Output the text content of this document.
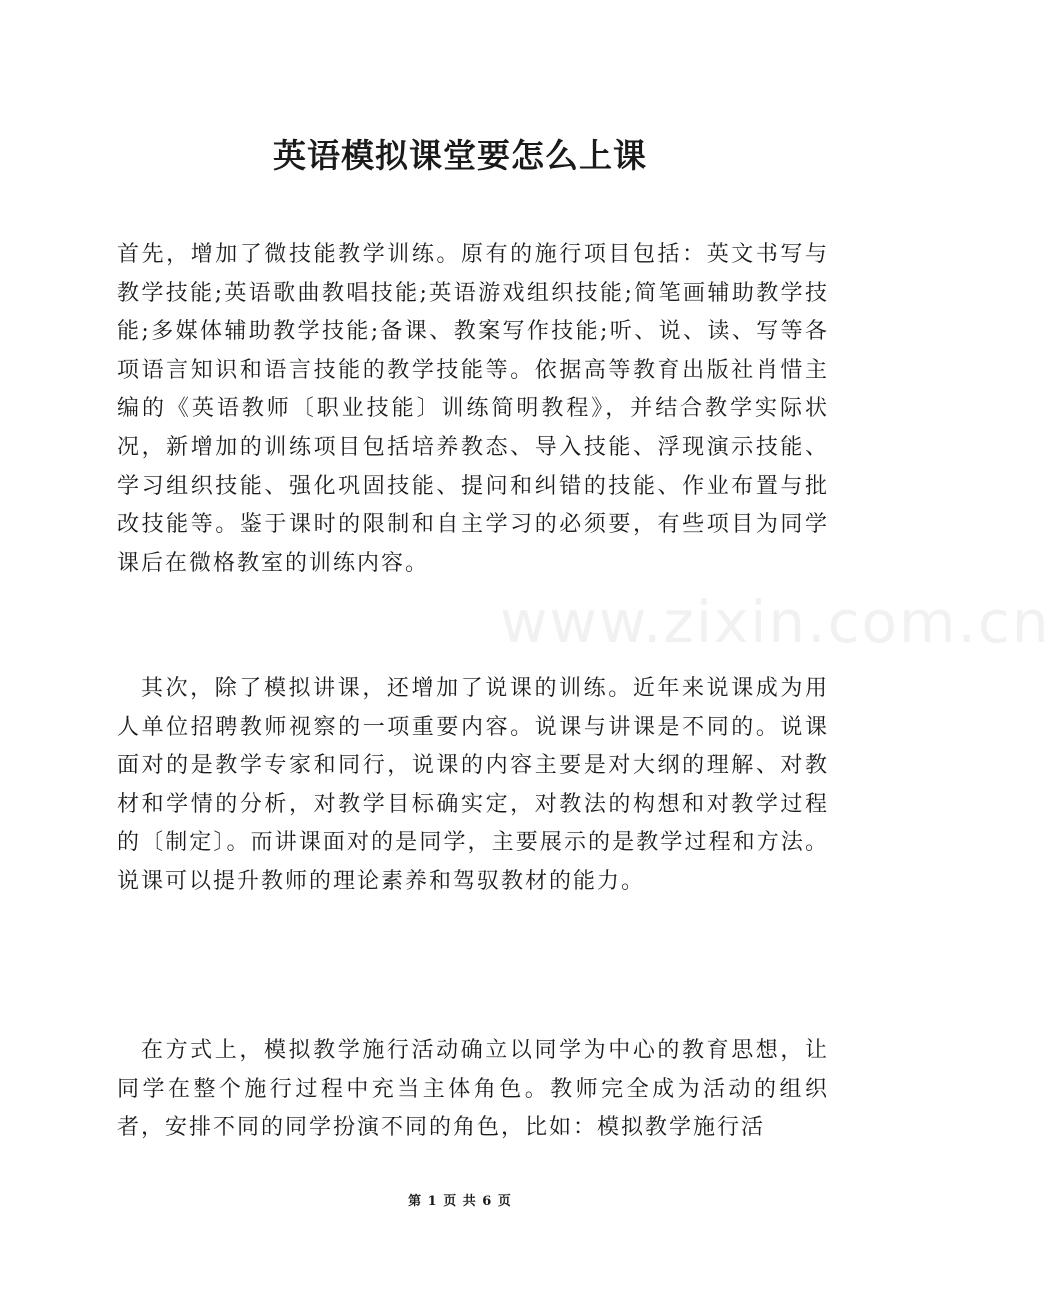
英语模拟课堂要怎么上课

首先，增加了微技能教学训练。原有的施行项目包括：英文书写与教学技能;英语歌曲教唱技能;英语游戏组织技能;简笔画辅助教学技能;多媒体辅助教学技能;备课、教案写作技能;听、说、读、写等各项语言知识和语言技能的教学技能等。依据高等教育出版社肖惜主编的《英语教师〔职业技能〕训练简明教程》，并结合教学实际状况，新增加的训练项目包括培养教态、导入技能、浮现演示技能、学习组织技能、强化巩固技能、提问和纠错的技能、作业布置与批改技能等。鉴于课时的限制和自主学习的必须要，有些项目为同学课后在微格教室的训练内容。

其次，除了模拟讲课，还增加了说课的训练。近年来说课成为用人单位招聘教师视察的一项重要内容。说课与讲课是不同的。说课面对的是教学专家和同行，说课的内容主要是对大纲的理解、对教材和学情的分析，对教学目标确实定，对教法的构想和对教学过程的〔制定〕。而讲课面对的是同学，主要展示的是教学过程和方法。说课可以提升教师的理论素养和驾驭教材的能力。

在方式上，模拟教学施行活动确立以同学为中心的教育思想，让同学在整个施行过程中充当主体角色。教师完全成为活动的组织者，安排不同的同学扮演不同的角色，比如：模拟教学施行活

www.zixin.com.cn
第 1 页 共 6 页
